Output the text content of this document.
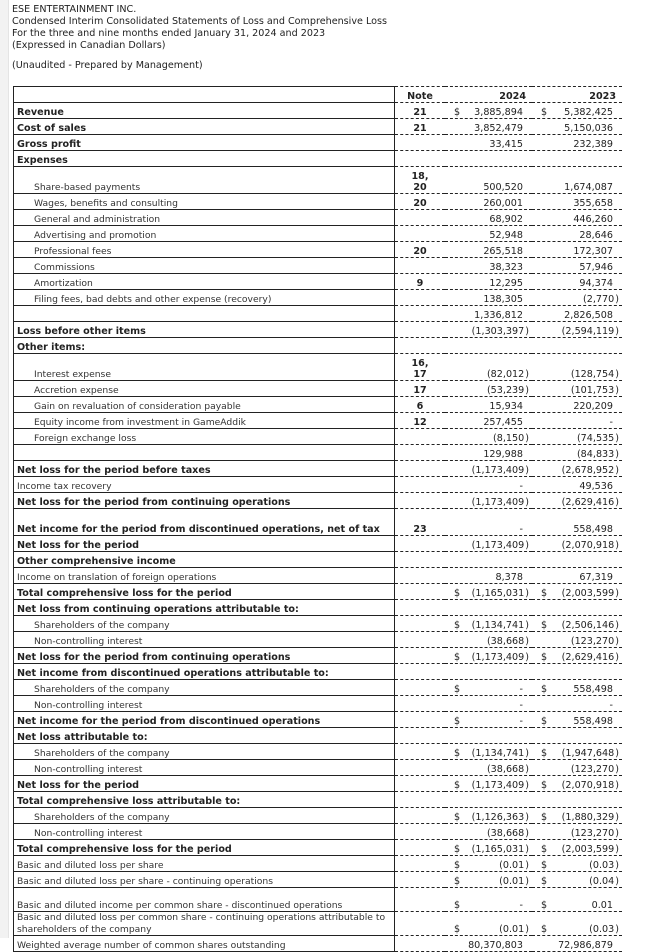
ESE ENTERTAINMENT INC.
Condensed Interim Consolidated Statements of Loss and Comprehensive Loss
For the three and nine months ended January 31, 2024 and 2023
(Expressed in Canadian Dollars)
(Unaudited - Prepared by Management)
	Note	2024	2023
Revenue	21	$ 3,885,894	$ 5,382,425

Cost of sales	21	3,852,479	5,150,036

Gross profit		33,415	232,389

Expenses			
Share-based payments	18, 20	500,520	1,674,087

Wages, benefits and consulting	20	260,001	355,658

General and administration		68,902	446,260

Advertising and promotion		52,948	28,646

Professional fees	20	265,518	172,307

Commissions		38,323	57,946

Amortization	9	12,295	94,374

Filing fees, bad debts and other expense (recovery)		138,305	(2,770 )

		1,336,812	2,826,508

Loss before other items		(1,303,397 )	(2,594,119 )

Other items:			
Interest expense	16, 17	(82,012 )	(128,754 )

Accretion expense	17	(53,239 )	(101,753 )

Gain on revaluation of consideration payable	6	15,934	220,209

Equity income from investment in GameAddik	12	257,455	-

Foreign exchange loss		(8,150 )	(74,535 )

		129,988	(84,833 )

Net loss for the period before taxes		(1,173,409 )	(2,678,952 )

Income tax recovery		-	49,536

Net loss for the period from continuing operations		(1,173,409 )	(2,629,416 )

Net income for the period from discontinued operations, net of tax	23	-	558,498

Net loss for the period		(1,173,409 )	(2,070,918 )

Other comprehensive income			
Income on translation of foreign operations		8,378	67,319

Total comprehensive loss for the period		$ (1,165,031 )	$ (2,003,599 )

Net loss from continuing operations attributable to:			
Shareholders of the company		$ (1,134,741 )	$ (2,506,146 )

Non-controlling interest		(38,668 )	(123,270 )

Net loss for the period from continuing operations		$ (1,173,409 )	$ (2,629,416 )

Net income from discontinued operations attributable to:			
Shareholders of the company		$ -	$ 558,498

Non-controlling interest		-	-

Net income for the period from discontinued operations		$ -	$ 558,498

Net loss attributable to:			
Shareholders of the company		$ (1,134,741 )	$ (1,947,648 )

Non-controlling interest		(38,668 )	(123,270 )

Net loss for the period		$ (1,173,409 )	$ (2,070,918 )

Total comprehensive loss attributable to:			
Shareholders of the company		$ (1,126,363 )	$ (1,880,329 )

Non-controlling interest		(38,668 )	(123,270 )

Total comprehensive loss for the period		$ (1,165,031 )	$ (2,003,599 )

Basic and diluted loss per share		$ (0.01 )	$ (0.03 )

Basic and diluted loss per share - continuing operations		$ (0.01 )	$ (0.04 )

Basic and diluted income per common share - discontinued operations		$ -	$ 0.01

Basic and diluted loss per common share - continuing operations attributable to shareholders of the company		$ (0.01 )	$ (0.03 )

Weighted average number of common shares outstanding		80,370,803	72,986,879
